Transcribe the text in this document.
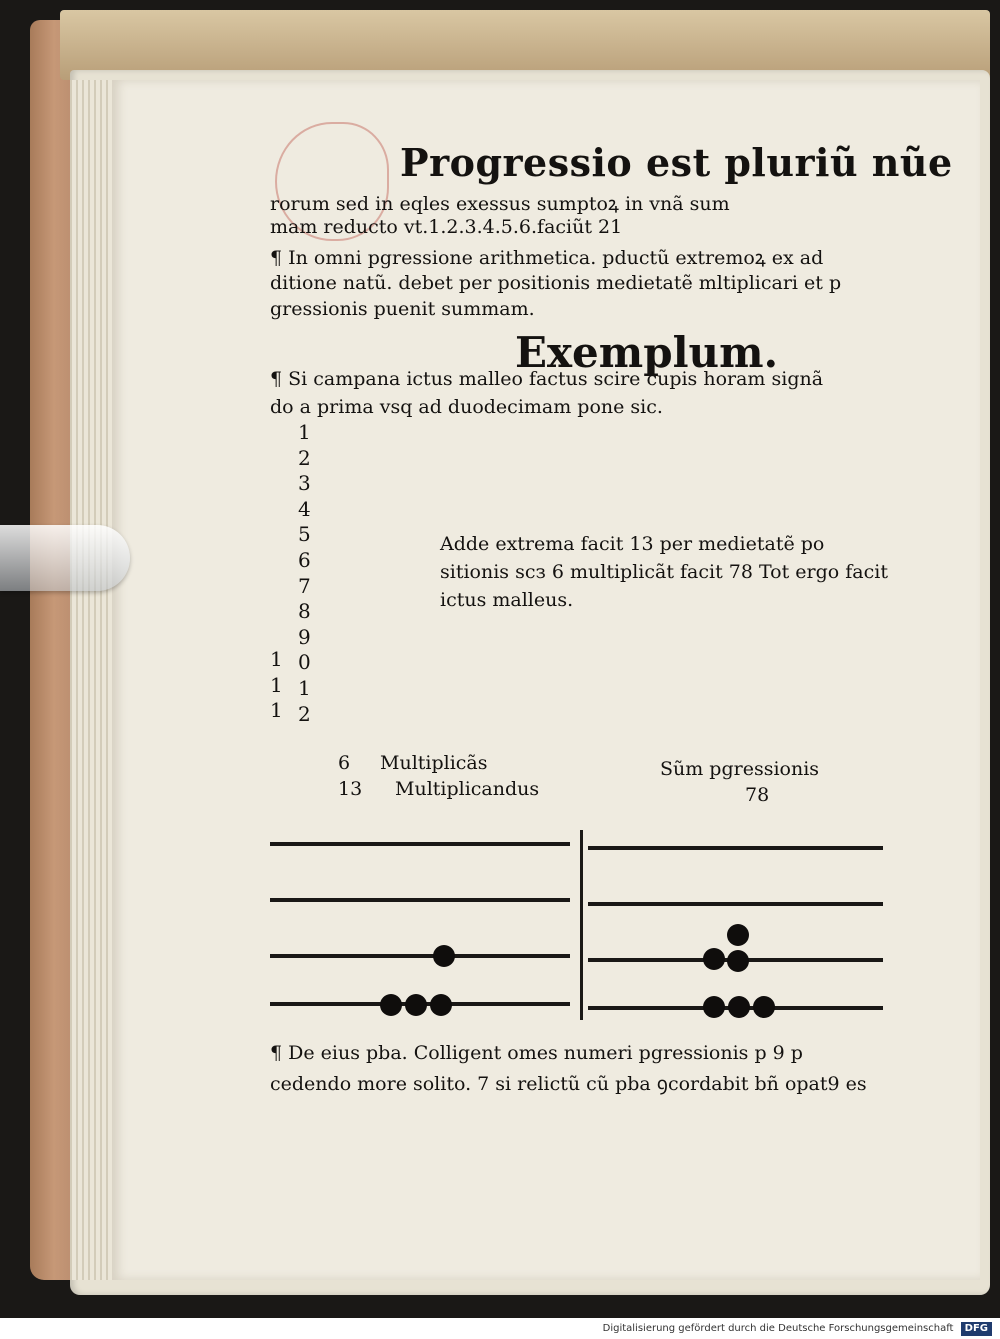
Progressio est pluriũ nũe
rorum sed in eqles exessus sumptoꝝ in vnã sum
mam reducto vt.1.2.3.4.5.6.faciũt 21
¶ In omni pgressione arithmetica. pductũ extremoꝝ ex ad
ditione natũ. debet per positionis medietatẽ mltiplicari et p
gressionis puenit summam.
Exemplum.
¶ Si campana ictus malleo factus scire cupis horam signã
do a prima vsq ad duodecimam pone sic.
1
2
3
4
5
6
7
8
9
0
1
2
1
1
1
Adde extrema facit 13 per medietatẽ po sitionis scз 6 multiplicãt facit 78 Tot ergo facit ictus malleus.
6 Multiplicãs
13 Multiplicandus
Sũm pgressionis
78
¶ De eius pba. Colligent omes numeri pgressionis p 9 p
cedendo more solito. 7 si relictũ cũ pba ꝯcordabit bñ opat9 es
Digitalisierung gefördert durch die Deutsche Forschungsgemeinschaft DFG
